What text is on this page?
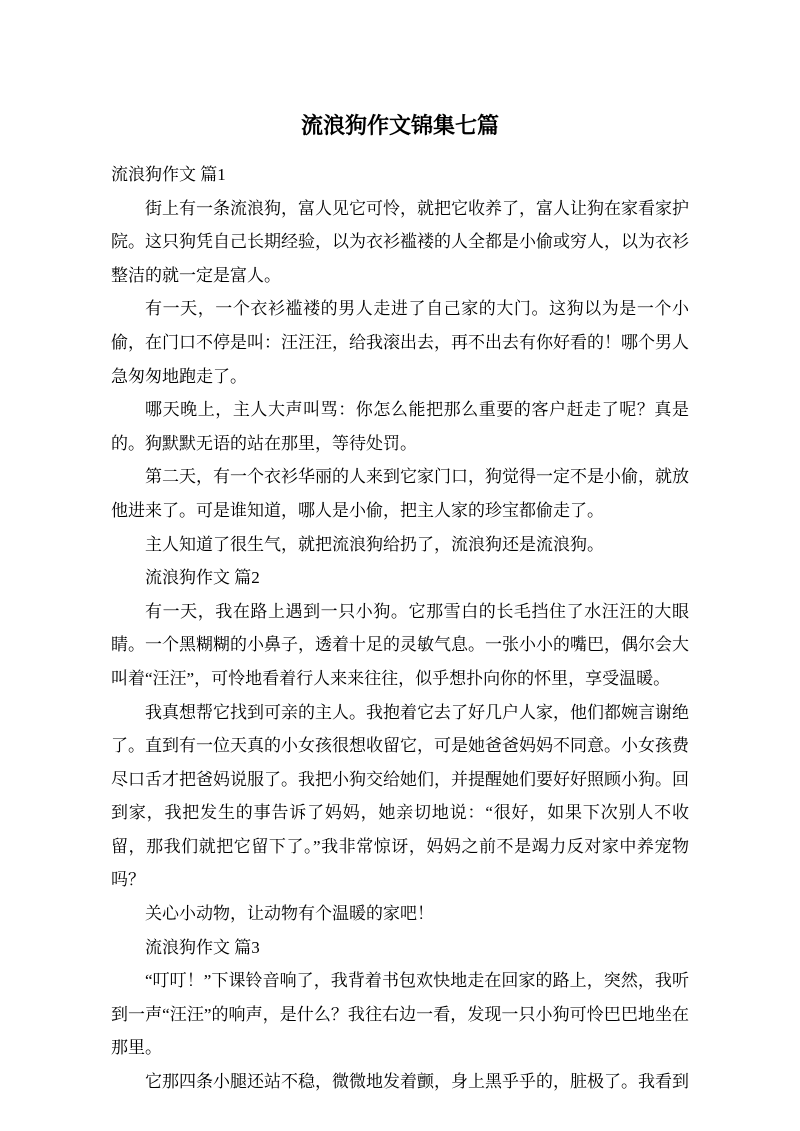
流浪狗作文锦集七篇

流浪狗作文 篇1

街上有一条流浪狗，富人见它可怜，就把它收养了，富人让狗在家看家护院。这只狗凭自己长期经验，以为衣衫褴褛的人全都是小偷或穷人，以为衣衫整洁的就一定是富人。

有一天，一个衣衫褴褛的男人走进了自己家的大门。这狗以为是一个小偷，在门口不停是叫：汪汪汪，给我滚出去，再不出去有你好看的！哪个男人急匆匆地跑走了。

哪天晚上，主人大声叫骂：你怎么能把那么重要的客户赶走了呢？真是的。狗默默无语的站在那里，等待处罚。

第二天，有一个衣衫华丽的人来到它家门口，狗觉得一定不是小偷，就放他进来了。可是谁知道，哪人是小偷，把主人家的珍宝都偷走了。

主人知道了很生气，就把流浪狗给扔了，流浪狗还是流浪狗。

流浪狗作文 篇2

有一天，我在路上遇到一只小狗。它那雪白的长毛挡住了水汪汪的大眼睛。一个黑糊糊的小鼻子，透着十足的灵敏气息。一张小小的嘴巴，偶尔会大叫着“汪汪”，可怜地看着行人来来往往，似乎想扑向你的怀里，享受温暖。

我真想帮它找到可亲的主人。我抱着它去了好几户人家，他们都婉言谢绝了。直到有一位天真的小女孩很想收留它，可是她爸爸妈妈不同意。小女孩费尽口舌才把爸妈说服了。我把小狗交给她们，并提醒她们要好好照顾小狗。回到家，我把发生的事告诉了妈妈，她亲切地说：“很好，如果下次别人不收留，那我们就把它留下了。”我非常惊讶，妈妈之前不是竭力反对家中养宠物吗？

关心小动物，让动物有个温暖的家吧！

流浪狗作文 篇3

“叮叮！”下课铃音响了，我背着书包欢快地走在回家的路上，突然，我听到一声“汪汪”的响声，是什么？我往右边一看，发现一只小狗可怜巴巴地坐在那里。

它那四条小腿还站不稳，微微地发着颤，身上黑乎乎的，脏极了。我看到
